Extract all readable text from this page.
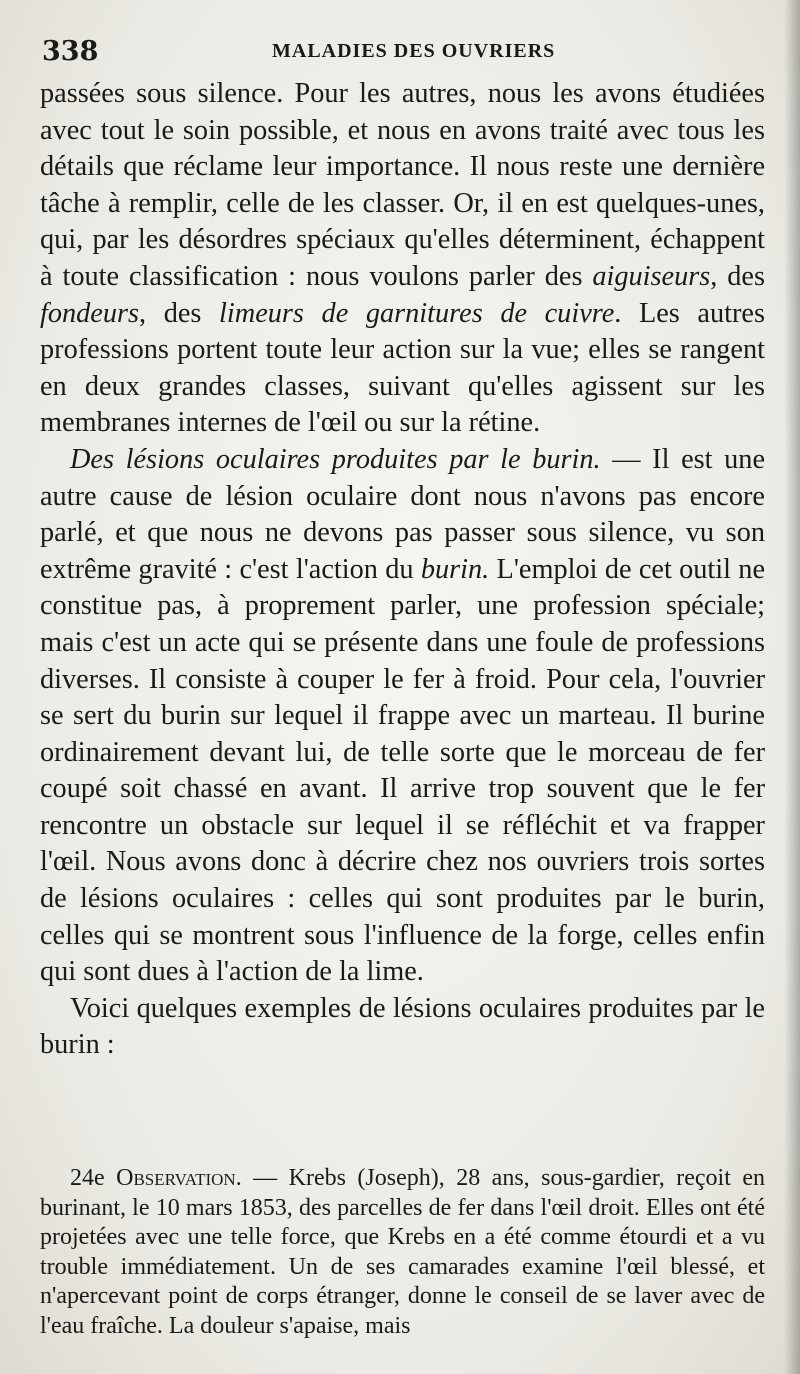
338	MALADIES DES OUVRIERS

passées sous silence. Pour les autres, nous les avons étudiées avec tout le soin possible, et nous en avons traité avec tous les détails que réclame leur importance. Il nous reste une dernière tâche à remplir, celle de les classer. Or, il en est quelques-unes, qui, par les désordres spéciaux qu'elles déterminent, échappent à toute classification : nous voulons parler des aiguiseurs, des fondeurs, des limeurs de garnitures de cuivre. Les autres professions portent toute leur action sur la vue; elles se rangent en deux grandes classes, suivant qu'elles agissent sur les membranes internes de l'œil ou sur la rétine.

Des lésions oculaires produites par le burin. — Il est une autre cause de lésion oculaire dont nous n'avons pas encore parlé, et que nous ne devons pas passer sous silence, vu son extrême gravité : c'est l'action du burin. L'emploi de cet outil ne constitue pas, à proprement parler, une profession spéciale; mais c'est un acte qui se présente dans une foule de professions diverses. Il consiste à couper le fer à froid. Pour cela, l'ouvrier se sert du burin sur lequel il frappe avec un marteau. Il burine ordinairement devant lui, de telle sorte que le morceau de fer coupé soit chassé en avant. Il arrive trop souvent que le fer rencontre un obstacle sur lequel il se réfléchit et va frapper l'œil. Nous avons donc à décrire chez nos ouvriers trois sortes de lésions oculaires : celles qui sont produites par le burin, celles qui se montrent sous l'influence de la forge, celles enfin qui sont dues à l'action de la lime.

Voici quelques exemples de lésions oculaires produites par le burin :

24e Observation. — Krebs (Joseph), 28 ans, sous-gardier, reçoit en burinant, le 10 mars 1853, des parcelles de fer dans l'œil droit. Elles ont été projetées avec une telle force, que Krebs en a été comme étourdi et a vu trouble immédiatement. Un de ses camarades examine l'œil blessé, et n'apercevant point de corps étranger, donne le conseil de se laver avec de l'eau fraîche. La douleur s'apaise, mais
